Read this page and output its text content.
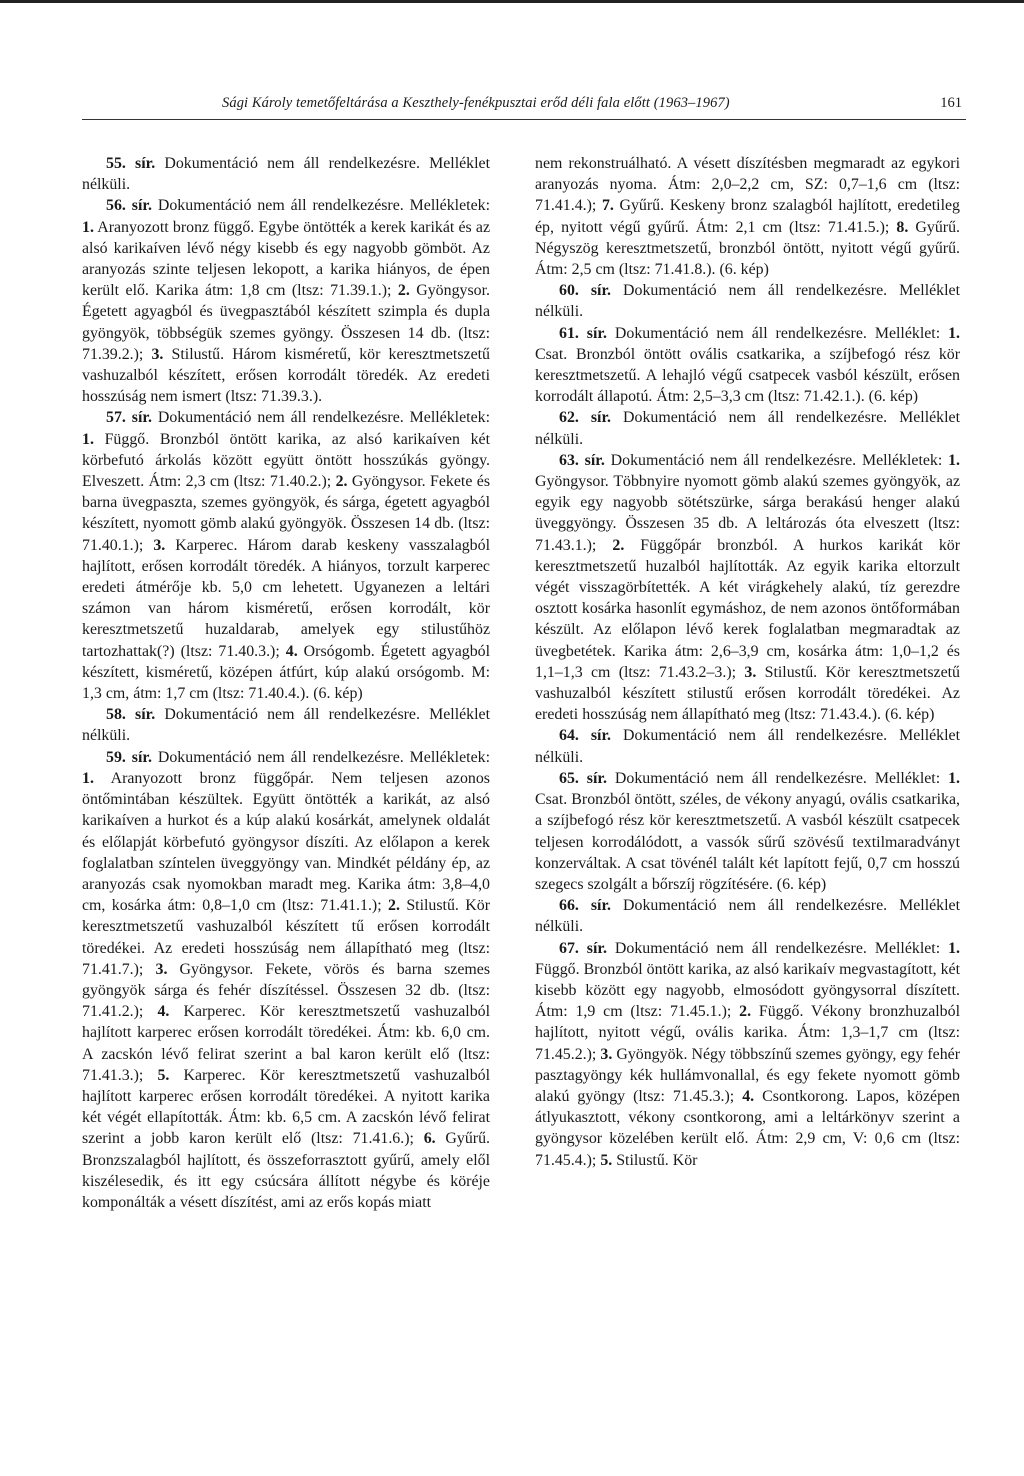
Sági Károly temetőfeltárása a Keszthely-fenékpusztai erőd déli fala előtt (1963–1967)	161

55. sír. Dokumentáció nem áll rendelkezésre. Melléklet nélküli.

56. sír. Dokumentáció nem áll rendelkezésre. Mellékletek: 1. Aranyozott bronz függő. Egybe öntötték a kerek karikát és az alsó karikaíven lévő négy kisebb és egy nagyobb gömböt. Az aranyozás szinte teljesen lekopott, a karika hiányos, de épen került elő. Karika átm: 1,8 cm (ltsz: 71.39.1.); 2. Gyöngysor. Égetett agyagból és üvegpasztából készített szimpla és dupla gyöngyök, többségük szemes gyöngy. Összesen 14 db. (ltsz: 71.39.2.); 3. Stilustű. Három kisméretű, kör keresztmetszetű vashuzalból készített, erősen korrodált töredék. Az eredeti hosszúság nem ismert (ltsz: 71.39.3.).

57. sír. Dokumentáció nem áll rendelkezésre. Mellékletek: 1. Függő. Bronzból öntött karika, az alsó karikaíven két körbefutó árkolás között együtt öntött hosszúkás gyöngy. Elveszett. Átm: 2,3 cm (ltsz: 71.40.2.); 2. Gyöngysor. Fekete és barna üvegpaszta, szemes gyöngyök, és sárga, égetett agyagból készített, nyomott gömb alakú gyöngyök. Összesen 14 db. (ltsz: 71.40.1.); 3. Karperec. Három darab keskeny vasszalagból hajlított, erősen korrodált töredék. A hiányos, torzult karperec eredeti átmérője kb. 5,0 cm lehetett. Ugyanezen a leltári számon van három kisméretű, erősen korrodált, kör keresztmetszetű huzaldarab, amelyek egy stilustűhöz tartozhattak(?) (ltsz: 71.40.3.); 4. Orsógomb. Égetett agyagból készített, kisméretű, középen átfúrt, kúp alakú orsógomb. M: 1,3 cm, átm: 1,7 cm (ltsz: 71.40.4.). (6. kép)

58. sír. Dokumentáció nem áll rendelkezésre. Melléklet nélküli.

59. sír. Dokumentáció nem áll rendelkezésre. Mellékletek: 1. Aranyozott bronz függőpár. Nem teljesen azonos öntőmintában készültek. Együtt öntötték a karikát, az alsó karikaíven a hurkot és a kúp alakú kosárkát, amelynek oldalát és előlapját körbefutó gyöngysor díszíti. Az előlapon a kerek foglalatban színtelen üveggyöngy van. Mindkét példány ép, az aranyozás csak nyomokban maradt meg. Karika átm: 3,8–4,0 cm, kosárka átm: 0,8–1,0 cm (ltsz: 71.41.1.); 2. Stilustű. Kör keresztmetszetű vashuzalból készített tű erősen korrodált töredékei. Az eredeti hosszúság nem állapítható meg (ltsz: 71.41.7.); 3. Gyöngysor. Fekete, vörös és barna szemes gyöngyök sárga és fehér díszítéssel. Összesen 32 db. (ltsz: 71.41.2.); 4. Karperec. Kör keresztmetszetű vashuzalból hajlított karperec erősen korrodált töredékei. Átm: kb. 6,0 cm. A zacskón lévő felirat szerint a bal karon került elő (ltsz: 71.41.3.); 5. Karperec. Kör keresztmetszetű vashuzalból hajlított karperec erősen korrodált töredékei. A nyitott karika két végét ellapították. Átm: kb. 6,5 cm. A zacskón lévő felirat szerint a jobb karon került elő (ltsz: 71.41.6.); 6. Gyűrű. Bronzszalagból hajlított, és összeforrasztott gyűrű, amely elől kiszélesedik, és itt egy csúcsára állított négybe és köréje komponálták a vésett díszítést, ami az erős kopás miatt

nem rekonstruálható. A vésett díszítésben megmaradt az egykori aranyozás nyoma. Átm: 2,0–2,2 cm, SZ: 0,7–1,6 cm (ltsz: 71.41.4.); 7. Gyűrű. Keskeny bronz szalagból hajlított, eredetileg ép, nyitott végű gyűrű. Átm: 2,1 cm (ltsz: 71.41.5.); 8. Gyűrű. Négyszög keresztmetszetű, bronzból öntött, nyitott végű gyűrű. Átm: 2,5 cm (ltsz: 71.41.8.). (6. kép)

60. sír. Dokumentáció nem áll rendelkezésre. Melléklet nélküli.

61. sír. Dokumentáció nem áll rendelkezésre. Melléklet: 1. Csat. Bronzból öntött ovális csatkarika, a szíjbefogó rész kör keresztmetszetű. A lehajló végű csatpecek vasból készült, erősen korrodált állapotú. Átm: 2,5–3,3 cm (ltsz: 71.42.1.). (6. kép)

62. sír. Dokumentáció nem áll rendelkezésre. Melléklet nélküli.

63. sír. Dokumentáció nem áll rendelkezésre. Mellékletek: 1. Gyöngysor. Többnyire nyomott gömb alakú szemes gyöngyök, az egyik egy nagyobb sötétszürke, sárga berakású henger alakú üveggyöngy. Összesen 35 db. A leltározás óta elveszett (ltsz: 71.43.1.); 2. Függőpár bronzból. A hurkos karikát kör keresztmetszetű huzalból hajlították. Az egyik karika eltorzult végét visszagörbítették. A két virágkehely alakú, tíz gerezdre osztott kosárka hasonlít egymáshoz, de nem azonos öntőformában készült. Az előlapon lévő kerek foglalatban megmaradtak az üvegbetétek. Karika átm: 2,6–3,9 cm, kosárka átm: 1,0–1,2 és 1,1–1,3 cm (ltsz: 71.43.2–3.); 3. Stilustű. Kör keresztmetszetű vashuzalból készített stilustű erősen korrodált töredékei. Az eredeti hosszúság nem állapítható meg (ltsz: 71.43.4.). (6. kép)

64. sír. Dokumentáció nem áll rendelkezésre. Melléklet nélküli.

65. sír. Dokumentáció nem áll rendelkezésre. Melléklet: 1. Csat. Bronzból öntött, széles, de vékony anyagú, ovális csatkarika, a szíjbefogó rész kör keresztmetszetű. A vasból készült csatpecek teljesen korrodálódott, a vassók sűrű szövésű textilmaradványt konzerváltak. A csat tövénél talált két lapított fejű, 0,7 cm hosszú szegecs szolgált a bőrszíj rögzítésére. (6. kép)

66. sír. Dokumentáció nem áll rendelkezésre. Melléklet nélküli.

67. sír. Dokumentáció nem áll rendelkezésre. Melléklet: 1. Függő. Bronzból öntött karika, az alsó karikaív megvastagított, két kisebb között egy nagyobb, elmosódott gyöngysorral díszített. Átm: 1,9 cm (ltsz: 71.45.1.); 2. Függő. Vékony bronzhuzalból hajlított, nyitott végű, ovális karika. Átm: 1,3–1,7 cm (ltsz: 71.45.2.); 3. Gyöngyök. Négy többszínű szemes gyöngy, egy fehér pasztagyöngy kék hullámvonallal, és egy fekete nyomott gömb alakú gyöngy (ltsz: 71.45.3.); 4. Csontkorong. Lapos, középen átlyukasztott, vékony csontkorong, ami a leltárkönyv szerint a gyöngysor közelében került elő. Átm: 2,9 cm, V: 0,6 cm (ltsz: 71.45.4.); 5. Stilustű. Kör
